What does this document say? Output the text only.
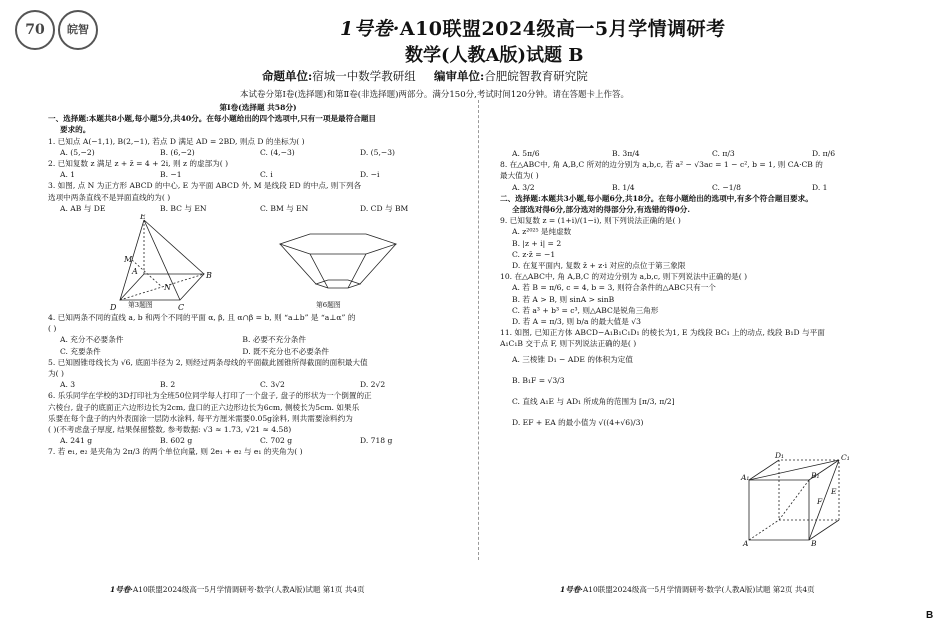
70	皖智	1号卷·A10联盟2024级高一5月学情调研考
数学(人教A版)试题 B
命题单位:宿城一中数学教研组 编审单位:合肥皖智教育研究院
本试卷分第Ⅰ卷(选择题)和第Ⅱ卷(非选择题)两部分。满分150分,考试时间120分钟。请在答题卡上作答。

第Ⅰ卷(选择题 共58分)

一、选择题:本题共8小题,每小题5分,共40分。在每小题给出的四个选项中,只有一项是最符合题目

要求的。

1. 已知点 A(−1,1), B(2,−1), 若点 D 满足 AD = 2BD, 则点 D 的坐标为( )

A. (5,−2)	B. (6,−2)	C. (4,−3)	D. (5,−3)

2. 已知复数 z 满足 z + z̄ = 4 + 2i, 则 z 的虚部为( )

A. 1	B. −1	C. i	D. −i

3. 如图, 点 N 为正方形 ABCD 的中心, E 为平面 ABCD 外, M 是线段 ED 的中点, 则下列各

选项中两条直线不是异面直线的为( )

A. AB 与 DE	B. BC 与 EN	C. BM 与 EN	D. CD 与 BM

E
M
D	C
B
A
N

第3题图	第6题图

4. 已知两条不同的直线 a, b 和两个不同的平面 α, β, 且 α∩β = b, 则 “a⊥b” 是 “a⊥α” 的

( )

A. 充分不必要条件	B. 必要不充分条件

C. 充要条件	D. 既不充分也不必要条件

5. 已知圆锥母线长为 √6, 底面半径为 2, 则经过两条母线的平面截此圆锥所得截面的面积最大值

为( )

A. 3	B. 2	C. 3√2	D. 2√2

6. 乐乐同学在学校的3D打印社为全班50位同学每人打印了一个盘子, 盘子的形状为一个倒置的正

六棱台, 盘子的底面正六边形边长为2cm, 盘口的正六边形边长为6cm, 侧棱长为5cm. 如果乐

乐要在每个盘子的内外表面涂一层防水涂料, 每平方厘米需要0.05g涂料, 则共需要涂料约为

( )(不考虑盘子厚度, 结果保留整数, 参考数据: √3 ≈ 1.73, √21 ≈ 4.58)

A. 241 g	B. 602 g	C. 702 g	D. 718 g

7. 若 e₁, e₂ 是夹角为 2π/3 的两个单位向量, 则 2e₁ + e₂ 与 e₁ 的夹角为( )

A. 5π/6	B. 3π/4	C. π/3	D. π/6

8. 在△ABC中, 角 A,B,C 所对的边分别为 a,b,c, 若 a² − √3ac = 1 − c², b = 1, 则 CA·CB 的

最大值为( )

A. 3/2	B. 1/4	C. −1/8	D. 1

二、选择题:本题共3小题,每小题6分,共18分。在每小题给出的选项中,有多个符合题目要求。

全部选对得6分,部分选对的得部分分,有选错的得0分.

9. 已知复数 z = (1+i)/(1−i), 则下列说法正确的是( )

A. z²⁰²⁵ 是纯虚数

B. |z + i| = 2

C. z·z̄ = −1

D. 在复平面内, 复数 z̄ + z·i 对应的点位于第三象限

10. 在△ABC中, 角 A,B,C 的对边分别为 a,b,c, 则下列说法中正确的是( )

A. 若 B = π/6, c = 4, b = 3, 则符合条件的△ABC只有一个

B. 若 A > B, 则 sinA > sinB

C. 若 a³ + b³ = c³, 则△ABC是锐角三角形

D. 若 A = π/3, 则 b/a 的最大值是 √3

11. 如图, 已知正方体 ABCD−A₁B₁C₁D₁ 的棱长为1, E 为线段 BC₁ 上的动点, 线段 B₁D 与平面

A₁C₁B 交于点 F, 则下列说法正确的是( )

A. 三棱锥 D₁ − ADE 的体积为定值

B. B₁F = √3/3

C. 直线 A₁E 与 AD₁ 所成角的范围为 [π/3, π/2]

D. EF + EA 的最小值为 √((4+√6)/3)

A	B
A₁
D₁	C₁
B₁
F
E
1号卷·A10联盟2024级高一5月学情调研考·数学(人教A版)试题 第1页 共4页	1号卷·A10联盟2024级高一5月学情调研考·数学(人教A版)试题 第2页 共4页
B
